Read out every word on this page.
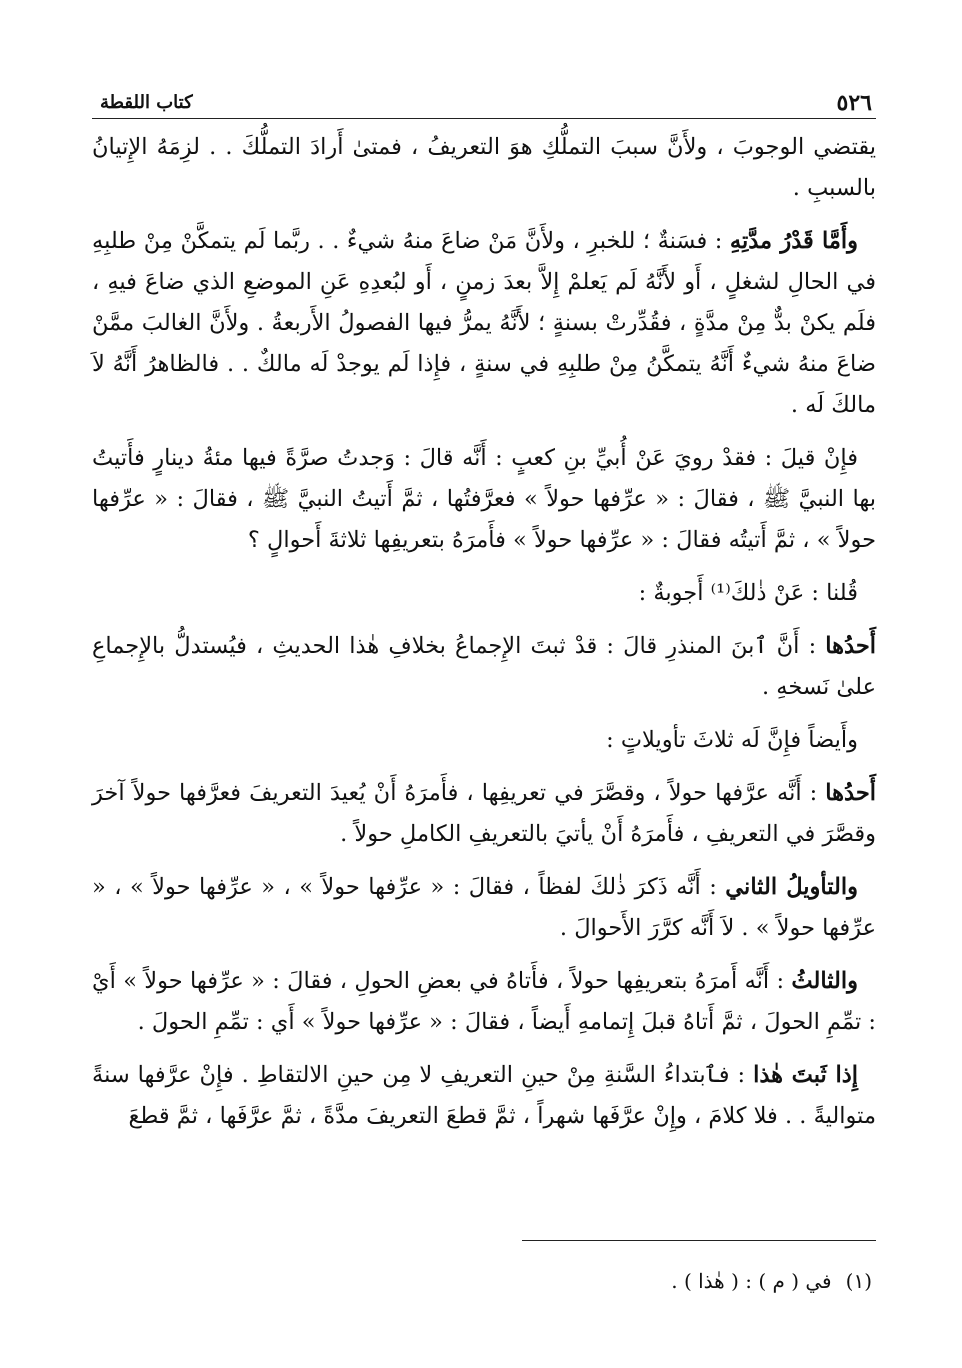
٥٢٦
كتاب اللقطة

يقتضي الوجوبَ ، ولأَنَّ سببَ التملُّكِ هوَ التعريفُ ، فمتىٰ أَرادَ التملُّكَ . . لزِمَهُ الإِتيانُ بالسببِ .

وأَمَّا قَدْرُ مدَّتِهِ : فسَنةٌ ؛ للخبرِ ، ولأَنَّ مَنْ ضاعَ منهُ شيءٌ . . ربَّما لَم يتمكَّنْ مِنْ طلبِهِ في الحالِ لشغلٍ ، أَو لأَنَّهُ لَم يَعلمْ إِلاَّ بعدَ زمنٍ ، أَو لبُعدِهِ عَنِ الموضعِ الذي ضاعَ فيهِ ، فلَم يكنْ بدٌّ مِنْ مدَّةٍ ، فقُدِّرتْ بسنةٍ ؛ لأَنَّهُ يمرُّ فيها الفصولُ الأَربعةُ . ولأَنَّ الغالبَ ممَّنْ ضاعَ منهُ شيءٌ أَنَّهُ يتمكَّنُ مِنْ طلبِهِ في سنةٍ ، فإِذا لَم يوجدْ لَه مالكٌ . . فالظاهرُ أَنَّهُ لاَ مالكَ لَه .

فإِنْ قيلَ : فقدْ رويَ عَنْ أُبيِّ بنِ كعبٍ : أَنَّه قالَ : وَجدتُ صرَّةً فيها مئةُ دينارٍ فأَتيتُ بها النبيَّ ﷺ ، فقالَ : « عرِّفها حولاً » فعرَّفتُها ، ثمَّ أَتيتُ النبيَّ ﷺ ، فقالَ : « عرِّفها حولاً » ، ثمَّ أَتيتُه فقالَ : « عرِّفها حولاً » فأَمرَهُ بتعريفِها ثلاثةَ أَحوالٍ ؟

قُلنا : عَنْ ذٰلكَ⁽¹⁾ أَجوبةٌ :

أَحدُها : أَنَّ ٱبنَ المنذرِ قالَ : قدْ ثبتَ الإِجماعُ بخلافِ هٰذا الحديثِ ، فيُستدلُّ بالإِجماعِ علىٰ نَسخهِ .

وأَيضاً فإِنَّ لَه ثلاثَ تأويلاتٍ :

أَحدُها : أَنَّه عرَّفها حولاً ، وقصَّرَ في تعريفِها ، فأَمرَهُ أَنْ يُعيدَ التعريفَ فعرَّفها حولاً آخرَ وقصَّرَ في التعريفِ ، فأَمرَهُ أَنْ يأتيَ بالتعريفِ الكاملِ حولاً .

والتأويلُ الثاني : أَنَّه ذَكرَ ذٰلكَ لفظاً ، فقالَ : « عرِّفها حولاً » ، « عرِّفها حولاً » ، « عرِّفها حولاً » . لاَ أَنَّه كرَّرَ الأَحوالَ .

والثالثُ : أَنَّه أَمرَهُ بتعريفِها حولاً ، فأَتاهُ في بعضِ الحولِ ، فقالَ : « عرِّفها حولاً » أَيْ : تمِّمِ الحولَ ، ثمَّ أَتاهُ قبلَ إِتمامهِ أَيضاً ، فقالَ : « عرِّفها حولاً » أَي : تمِّمِ الحولَ .

إِذا ثَبتَ هٰذا : فٱبتداءُ السَّنةِ مِنْ حينِ التعريفِ لا مِن حينِ الالتقاطِ . فإِنْ عرَّفها سنةً متواليةً . . فلا كلامَ ، وإِنْ عرَّفَها شهراً ، ثمَّ قطعَ التعريفَ مدَّةً ، ثمَّ عرَّفَها ، ثمَّ قطعَ

(١)في ( م ) : ( هٰذا ) .
